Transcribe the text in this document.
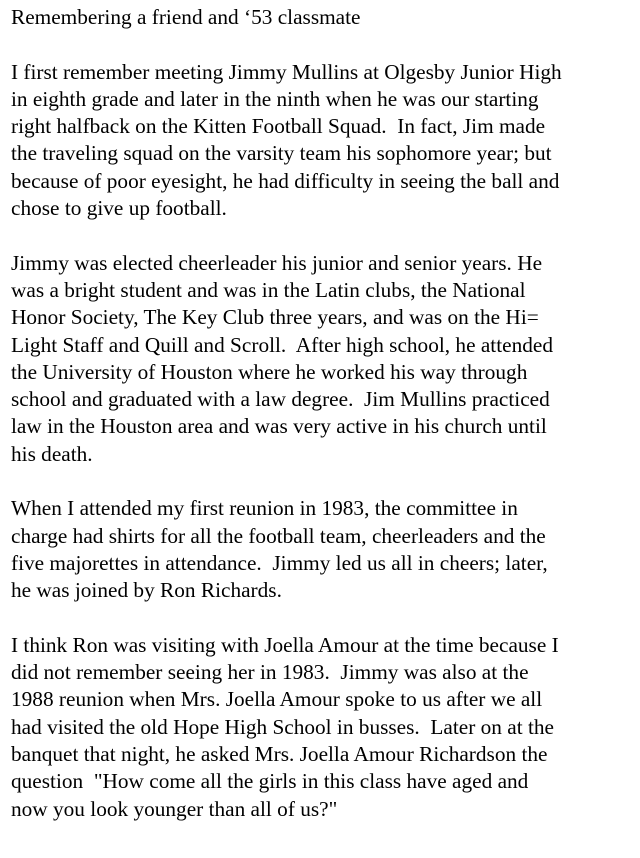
Remembering a friend and ‘53 classmate
I first remember meeting Jimmy Mullins at Olgesby Junior High
in eighth grade and later in the ninth when he was our starting
right halfback on the Kitten Football Squad.  In fact, Jim made
the traveling squad on the varsity team his sophomore year; but
because of poor eyesight, he had difficulty in seeing the ball and
chose to give up football.
Jimmy was elected cheerleader his junior and senior years. He
was a bright student and was in the Latin clubs, the National
Honor Society, The Key Club three years, and was on the Hi=
Light Staff and Quill and Scroll.  After high school, he attended
the University of Houston where he worked his way through
school and graduated with a law degree.  Jim Mullins practiced
law in the Houston area and was very active in his church until
his death.
When I attended my first reunion in 1983, the committee in
charge had shirts for all the football team, cheerleaders and the
five majorettes in attendance.  Jimmy led us all in cheers; later,
he was joined by Ron Richards.
I think Ron was visiting with Joella Amour at the time because I
did not remember seeing her in 1983.  Jimmy was also at the
1988 reunion when Mrs. Joella Amour spoke to us after we all
had visited the old Hope High School in busses.  Later on at the
banquet that night, he asked Mrs. Joella Amour Richardson the
question  "How come all the girls in this class have aged and
now you look younger than all of us?"
